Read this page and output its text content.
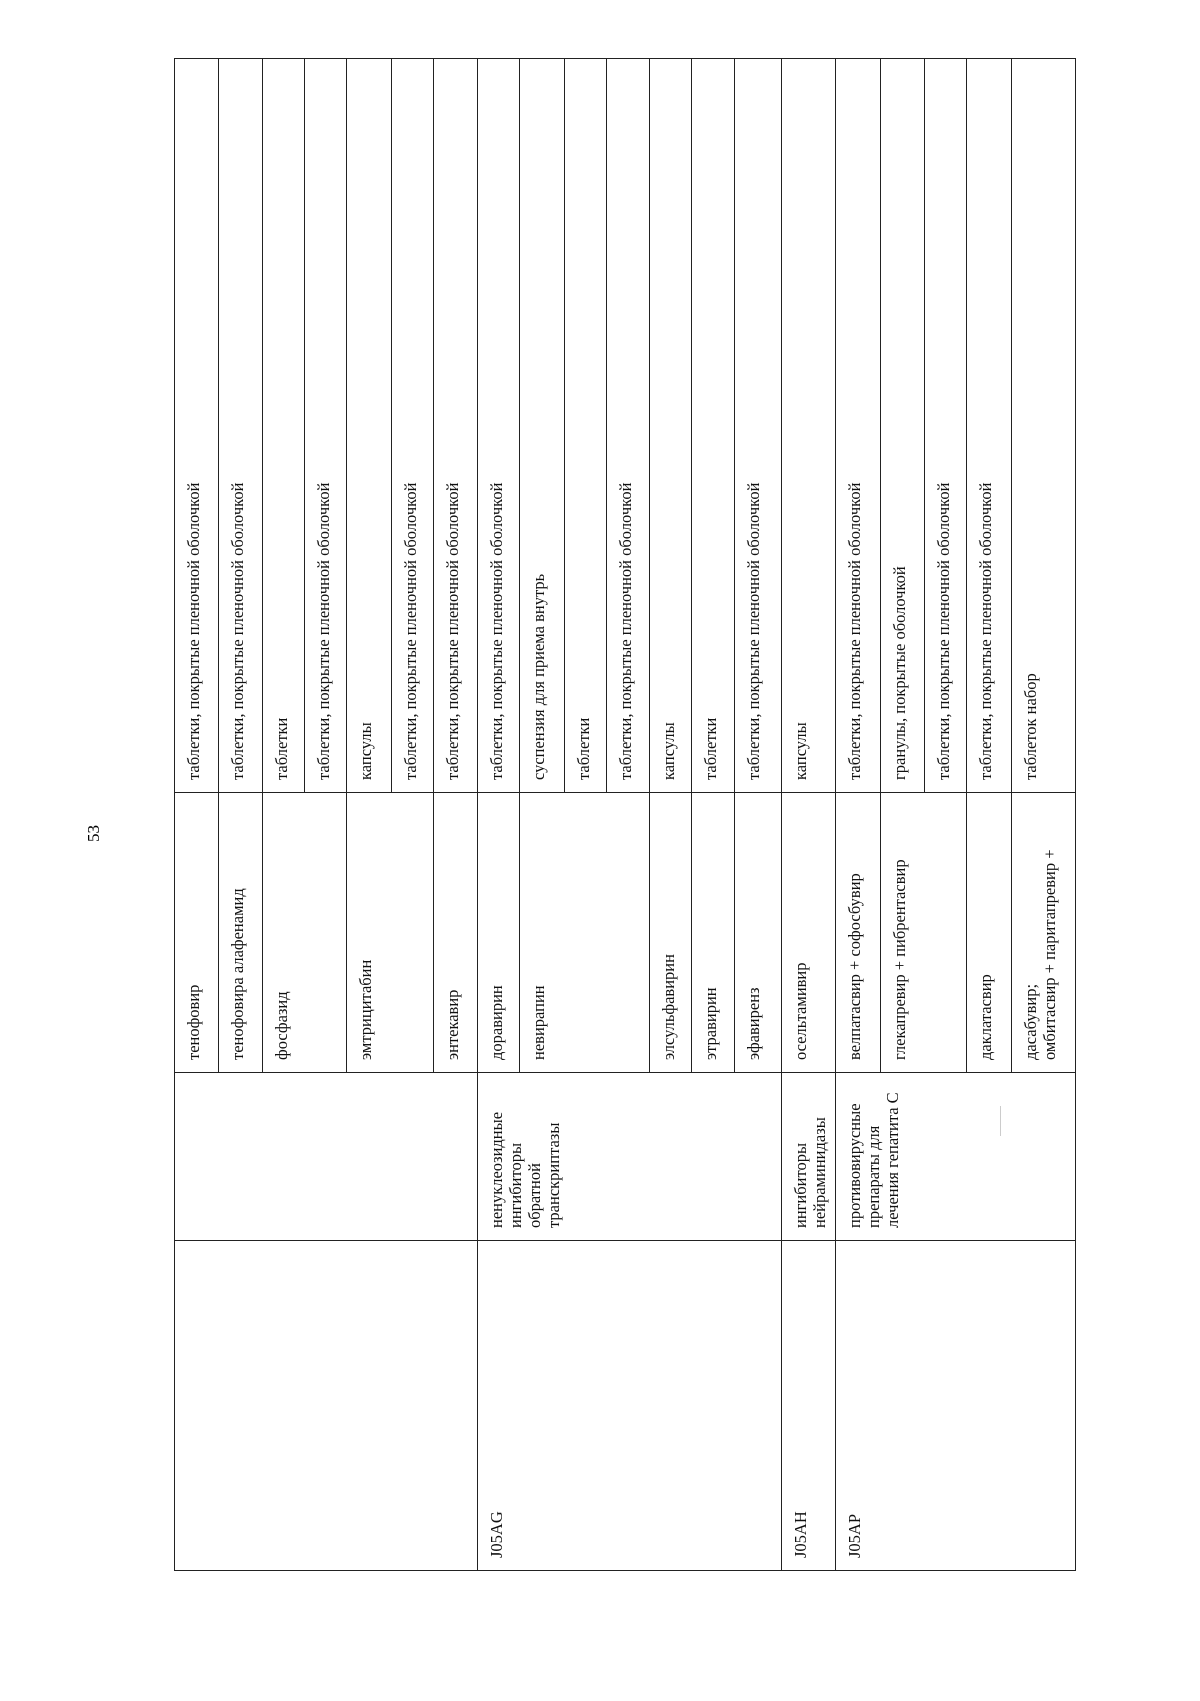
53
		тенофовир	таблетки, покрытые пленочной оболочкой
		тенофовира алафенамид	таблетки, покрытые пленочной оболочкой
		фосфазид	таблетки
			таблетки, покрытые пленочной оболочкой
		эмтрицитабин	капсулы
			таблетки, покрытые пленочной оболочкой
		энтекавир	таблетки, покрытые пленочной оболочкой
J05AG	ненуклеозидные ингибиторы обратной транскриптазы	доравирин	таблетки, покрытые пленочной оболочкой
		невирапин	суспензия для приема внутрь
			таблетки
			таблетки, покрытые пленочной оболочкой
		элсульфавирин	капсулы
		этравирин	таблетки
		эфавиренз	таблетки, покрытые пленочной оболочкой
J05AH	ингибиторы нейраминидазы	осельтамивир	капсулы
J05AP	противовирусные препараты для лечения гепатита С	велпатасвир + софосбувир	таблетки, покрытые пленочной оболочкой
		глекапревир + пибрентасвир	гранулы, покрытые оболочкой
			таблетки, покрытые пленочной оболочкой
		даклатасвир	таблетки, покрытые пленочной оболочкой

		дасабувир; омбитасвир + паритапревир +	таблеток набор
